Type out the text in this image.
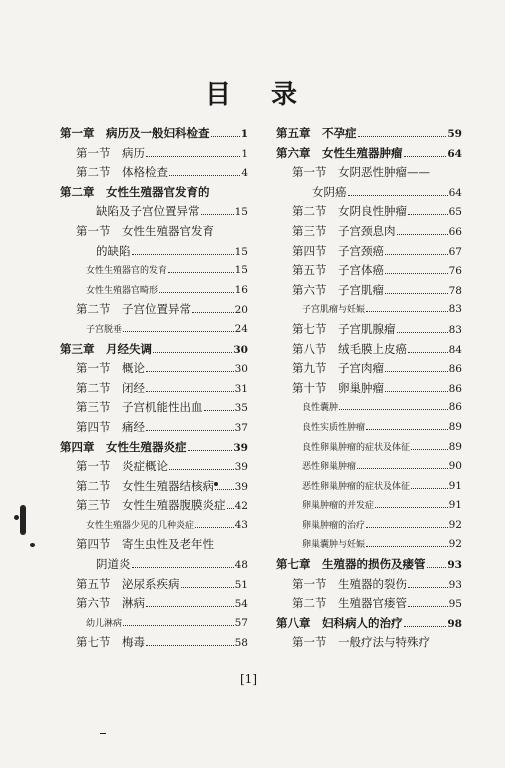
目录
第一章　病历及一般妇科检查	1
第一节　病历	1
第二节　体格检查	4
第二章　女性生殖器官发育的
缺陷及子宫位置异常	15
第一节　女性生殖器官发育
的缺陷	15
女性生殖器官的发育	15
女性生殖器官畸形	16
第二节　子宫位置异常	20
子宫脱垂	24
第三章　月经失调	30
第一节　概论	30
第二节　闭经	31
第三节　子宫机能性出血	35
第四节　痛经	37
第四章　女性生殖器炎症	39
第一节　炎症概论	39
第二节　女性生殖器结核病 39
第三节　女性生殖器腹膜炎症 42
女性生殖器少见的几种炎症	43
第四节　寄生虫性及老年性
阴道炎	48
第五节　泌尿系疾病	51
第六节　淋病	54
幼儿淋病	57
第七节　梅毒	58
第五章　不孕症	59
第六章　女性生殖器肿瘤	64
第一节　女阴恶性肿瘤——
女阴癌	64
第二节　女阴良性肿瘤	65
第三节　子宫颈息肉	66
第四节　子宫颈癌	67
第五节　子宫体癌	76
第六节　子宫肌瘤	78
子宫肌瘤与妊娠	83
第七节　子宫肌腺瘤	83
第八节　绒毛膜上皮癌	84
第九节　子宫肉瘤	86
第十节　卵巢肿瘤	86
良性囊肿	86
良性实质性肿瘤	89
良性卵巢肿瘤的症状及体征	89
恶性卵巢肿瘤	90
恶性卵巢肿瘤的症状及体征	91
卵巢肿瘤的并发症	91
卵巢肿瘤的治疗	92
卵巢囊肿与妊娠	92
第七章　生殖器的损伤及瘘管 93
第一节　生殖器的裂伤	93
第二节　生殖器官瘘管	95
第八章　妇科病人的治疗	98
第一节　一般疗法与特殊疗
[1]
